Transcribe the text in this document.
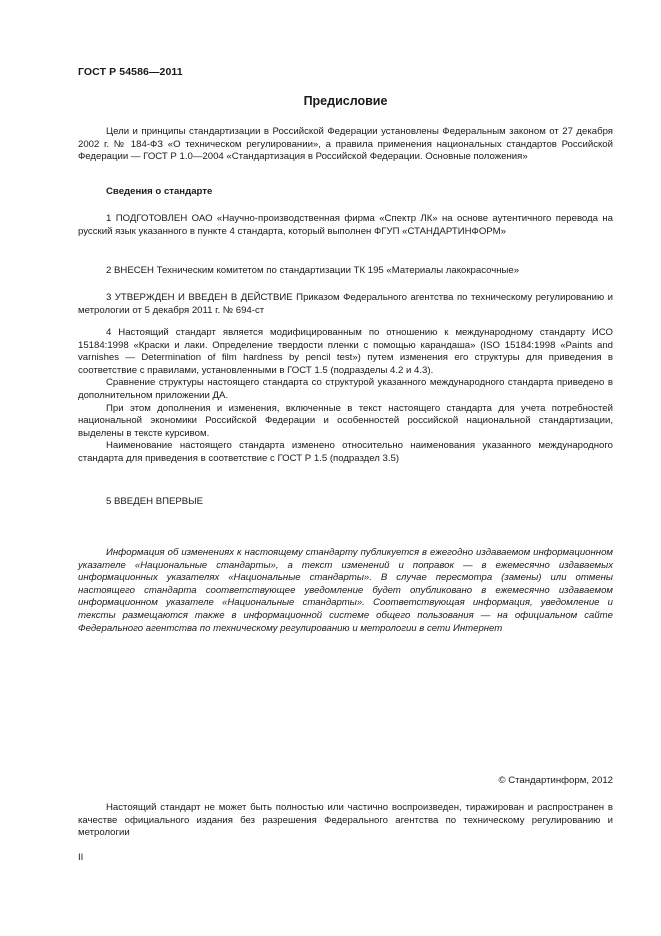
ГОСТ Р 54586—2011
Предисловие

Цели и принципы стандартизации в Российской Федерации установлены Федеральным законом от 27 декабря 2002 г. № 184-ФЗ «О техническом регулировании», а правила применения национальных стандартов Российской Федерации — ГОСТ Р 1.0—2004 «Стандартизация в Российской Федерации. Основные положения»

Сведения о стандарте

1 ПОДГОТОВЛЕН ОАО «Научно-производственная фирма «Спектр ЛК» на основе аутентичного перевода на русский язык указанного в пункте 4 стандарта, который выполнен ФГУП «СТАНДАРТИНФОРМ»

2 ВНЕСЕН Техническим комитетом по стандартизации ТК 195 «Материалы лакокрасочные»

3 УТВЕРЖДЕН И ВВЕДЕН В ДЕЙСТВИЕ Приказом Федерального агентства по техническому регулированию и метрологии от 5 декабря 2011 г. № 694-ст

4 Настоящий стандарт является модифицированным по отношению к международному стандарту ИСО 15184:1998 «Краски и лаки. Определение твердости пленки с помощью карандаша» (ISO 15184:1998 «Paints and varnishes — Determination of film hardness by pencil test») путем изменения его структуры для приведения в соответствие с правилами, установленными в ГОСТ 1.5 (подразделы 4.2 и 4.3).

Сравнение структуры настоящего стандарта со структурой указанного международного стандарта приведено в дополнительном приложении ДА.

При этом дополнения и изменения, включенные в текст настоящего стандарта для учета потребностей национальной экономики Российской Федерации и особенностей российской национальной стандартизации, выделены в тексте курсивом.

Наименование настоящего стандарта изменено относительно наименования указанного международного стандарта для приведения в соответствие с ГОСТ Р 1.5 (подраздел 3.5)

5 ВВЕДЕН ВПЕРВЫЕ

Информация об изменениях к настоящему стандарту публикуется в ежегодно издаваемом информационном указателе «Национальные стандарты», а текст изменений и поправок — в ежемесячно издаваемых информационных указателях «Национальные стандарты». В случае пересмотра (замены) или отмены настоящего стандарта соответствующее уведомление будет опубликовано в ежемесячно издаваемом информационном указателе «Национальные стандарты». Соответствующая информация, уведомление и тексты размещаются также в информационной системе общего пользования — на официальном сайте Федерального агентства по техническому регулированию и метрологии в сети Интернет

© Стандартинформ, 2012

Настоящий стандарт не может быть полностью или частично воспроизведен, тиражирован и распространен в качестве официального издания без разрешения Федерального агентства по техническому регулированию и метрологии

II
